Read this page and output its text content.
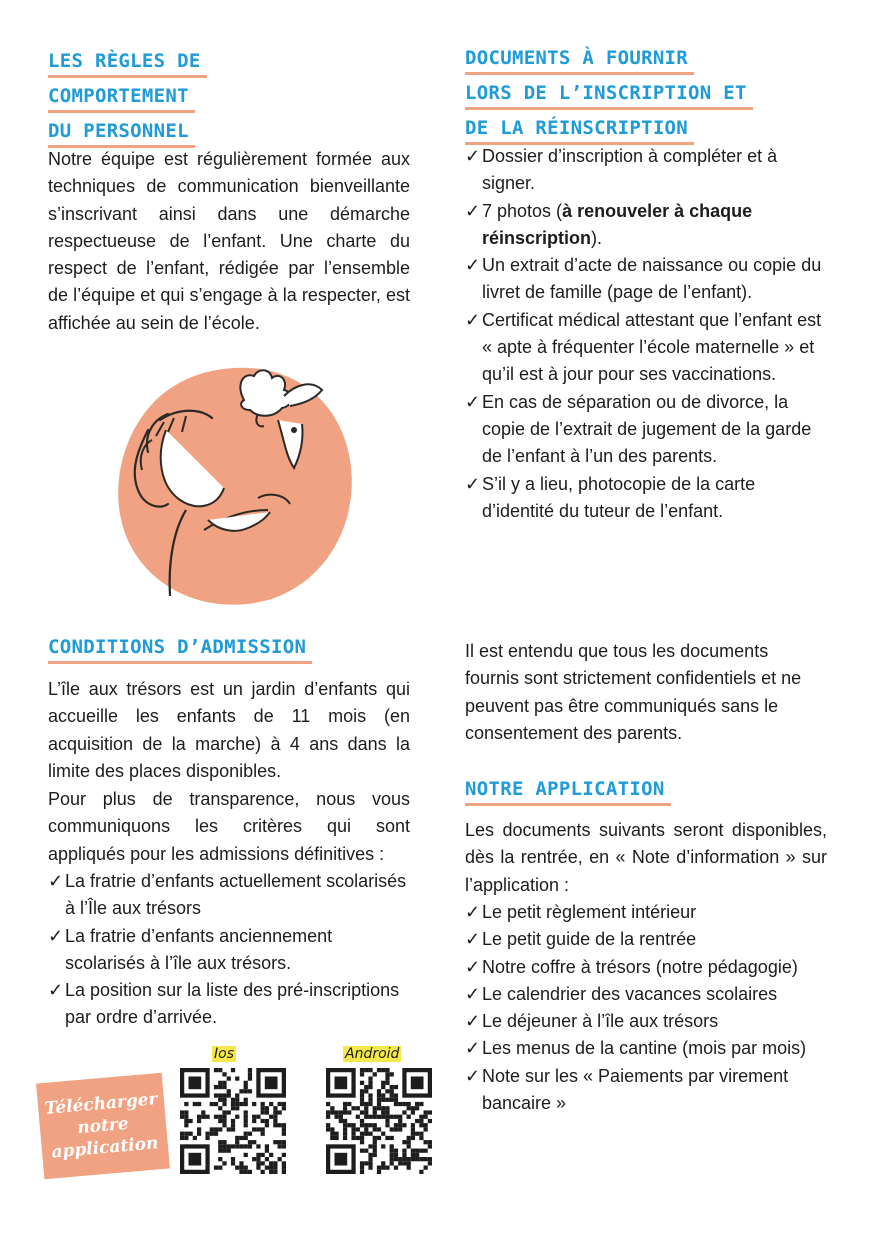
LES RÈGLES DE
COMPORTEMENT
DU PERSONNEL

Notre équipe est régulièrement formée aux techniques de communication bienveillante s’inscrivant ainsi dans une démarche respectueuse de l’enfant. Une charte du respect de l’enfant, rédigée par l’ensemble de l’équipe et qui s’engage à la respecter, est affichée au sein de l’école.

CONDITIONS D’ADMISSION

L’île aux trésors est un jardin d’enfants qui accueille les enfants de 11 mois (en acquisition de la marche) à 4 ans dans la limite des places disponibles.

Pour plus de transparence, nous vous communiquons les critères qui sont appliqués pour les admissions définitives :

✓ La fratrie d’enfants actuellement scolarisés à l’Île aux trésors
✓ La fratrie d’enfants anciennement scolarisés à l’île aux trésors.
✓ La position sur la liste des pré-inscriptions par ordre d’arrivée.
Télécharger notre application
Ios	Android
DOCUMENTS À FOURNIR
LORS DE L’INSCRIPTION ET
DE LA RÉINSCRIPTION
✓ Dossier d’inscription à compléter et à signer.
✓ 7 photos (à renouveler à chaque réinscription).
✓ Un extrait d’acte de naissance ou copie du livret de famille (page de l’enfant).
✓ Certificat médical attestant que l’enfant est « apte à fréquenter l’école maternelle » et qu’il est à jour pour ses vaccinations.
✓ En cas de séparation ou de divorce, la copie de l’extrait de jugement de la garde de l’enfant à l’un des parents.
✓ S’il y a lieu, photocopie de la carte d’identité du tuteur de l’enfant.

Il est entendu que tous les documents fournis sont strictement confidentiels et ne peuvent pas être communiqués sans le consentement des parents.

NOTRE APPLICATION

Les documents suivants seront disponibles, dès la rentrée, en « Note d’information » sur l’application :

✓ Le petit règlement intérieur
✓ Le petit guide de la rentrée
✓ Notre coffre à trésors (notre pédagogie)
✓ Le calendrier des vacances scolaires
✓ Le déjeuner à l’île aux trésors
✓ Les menus de la cantine (mois par mois)
✓ Note sur les « Paiements par virement bancaire »
